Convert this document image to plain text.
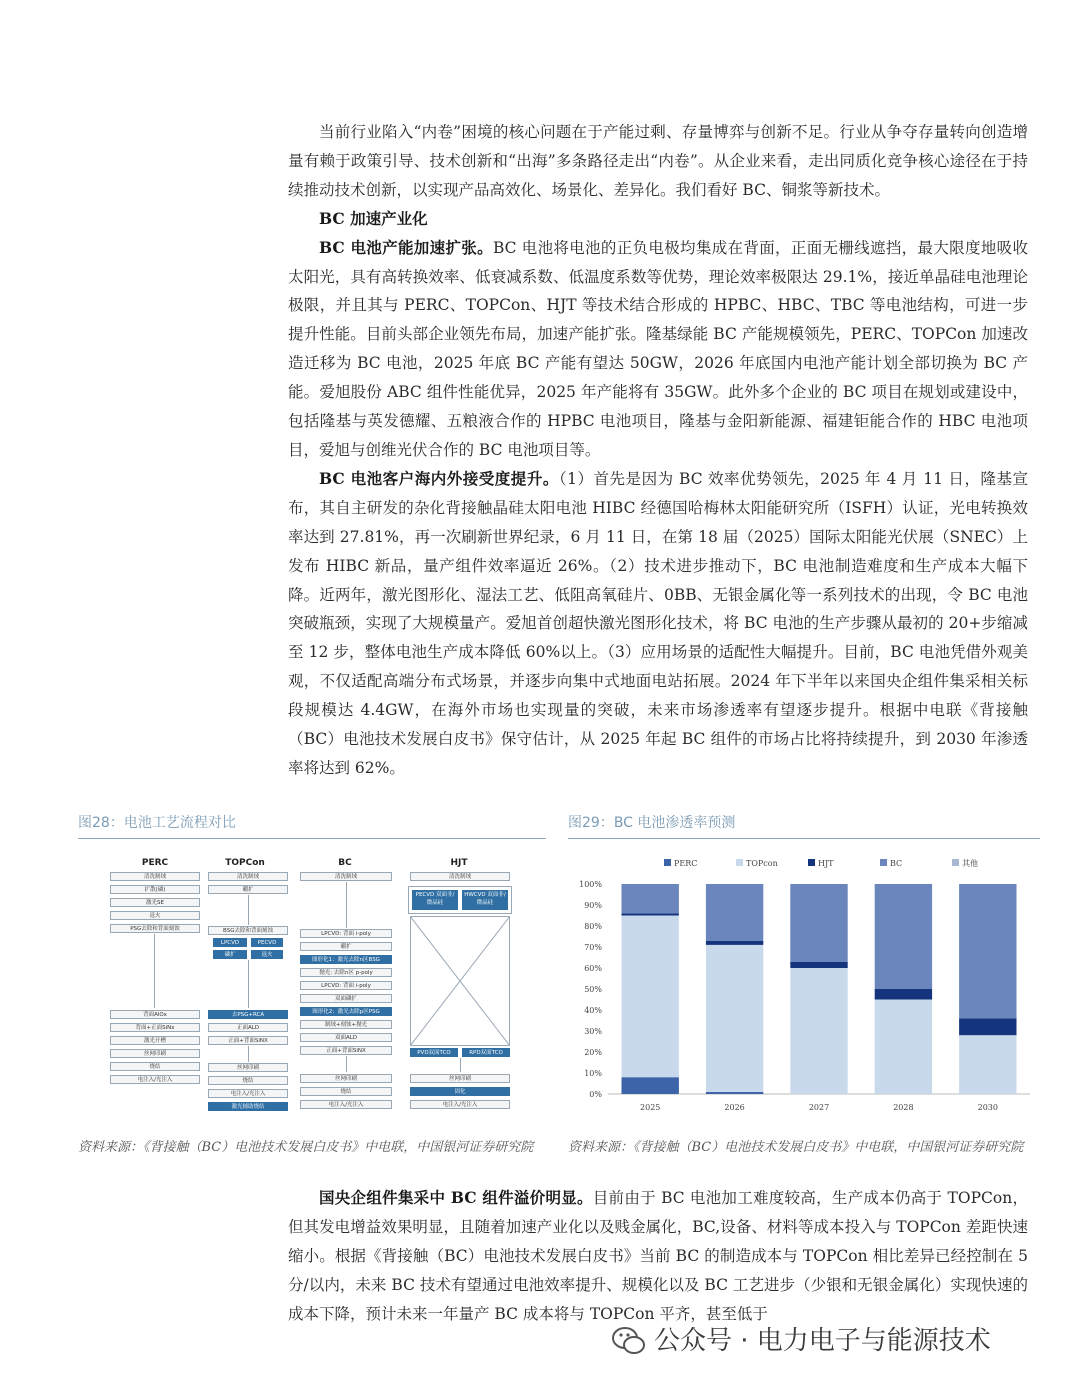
当前行业陷入“内卷”困境的核心问题在于产能过剩、存量博弈与创新不足。行业从争夺存量转向创造增量有赖于政策引导、技术创新和“出海”多条路径走出“内卷”。从企业来看，走出同质化竞争核心途径在于持续推动技术创新，以实现产品高效化、场景化、差异化。我们看好 BC、铜浆等新技术。

BC 加速产业化

BC 电池产能加速扩张。BC 电池将电池的正负电极均集成在背面，正面无栅线遮挡，最大限度地吸收太阳光，具有高转换效率、低衰减系数、低温度系数等优势，理论效率极限达 29.1%，接近单晶硅电池理论极限，并且其与 PERC、TOPCon、HJT 等技术结合形成的 HPBC、HBC、TBC 等电池结构，可进一步提升性能。目前头部企业领先布局，加速产能扩张。隆基绿能 BC 产能规模领先，PERC、TOPCon 加速改造迁移为 BC 电池，2025 年底 BC 产能有望达 50GW，2026 年底国内电池产能计划全部切换为 BC 产能。爱旭股份 ABC 组件性能优异，2025 年产能将有 35GW。此外多个企业的 BC 项目在规划或建设中，包括隆基与英发德耀、五粮液合作的 HPBC 电池项目，隆基与金阳新能源、福建钜能合作的 HBC 电池项目，爱旭与创维光伏合作的 BC 电池项目等。

BC 电池客户海内外接受度提升。（1）首先是因为 BC 效率优势领先，2025 年 4 月 11 日，隆基宣布，其自主研发的杂化背接触晶硅太阳电池 HIBC 经德国哈梅林太阳能研究所（ISFH）认证，光电转换效率达到 27.81%，再一次刷新世界纪录，6 月 11 日，在第 18 届（2025）国际太阳能光伏展（SNEC）上发布 HIBC 新品，量产组件效率逼近 26%。（2）技术进步推动下，BC 电池制造难度和生产成本大幅下降。近两年，激光图形化、湿法工艺、低阻高氧硅片、0BB、无银金属化等一系列技术的出现，令 BC 电池突破瓶颈，实现了大规模量产。爱旭首创超快激光图形化技术，将 BC 电池的生产步骤从最初的 20+步缩减至 12 步，整体电池生产成本降低 60%以上。（3）应用场景的适配性大幅提升。目前，BC 电池凭借外观美观，不仅适配高端分布式场景，并逐步向集中式地面电站拓展。2024 年下半年以来国央企组件集采相关标段规模达 4.4GW，在海外市场也实现量的突破，未来市场渗透率有望逐步提升。根据中电联《背接触（BC）电池技术发展白皮书》保守估计，从 2025 年起 BC 组件的市场占比将持续提升，到 2030 年渗透率将达到 62%。

图28：电池工艺流程对比	图29：BC 电池渗透率预测
PERC	TOPCon	BC	HJT
清洗制绒
扩散(磷)
激光SE
退火
PSG去除和背面刻蚀
背面AlOx
背面+正面SiNx
激光开槽
丝网印刷
烧结
电注入/光注入
清洗制绒
硼扩
BSG去除和背面刻蚀
LPCVD	PECVD
磷扩	退火
去PSG+RCA
正面ALD
正面+背面SiNX
丝网印刷
烧结
电注入/光注入
激光辅助烧结
清洗制绒
LPCVD: 背面 i-poly
硼扩
图形化1：激光去除n区BSG
抛光: 去除n区 p-poly
LPCVD: 背面 i-poly
双面磷扩
图形化2：激光去除p区PSG
制绒+刻蚀+抛光
双面ALD
正面+背面SiNX
丝网印刷
烧结
电注入/光注入
清洗制绒
PECVD 双面非/微晶硅
HWCVD 双面非/微晶硅
PVD双面TCO	RPD双面TCO
丝网印刷
固化
电注入/光注入
PERC	TOPcon	HJT	BC	其他
0%
10%
20%
30%
40%
50%
60%
70%
80%
90%
100%
2025	2026	2027	2028	2030
资料来源：《背接触（BC）电池技术发展白皮书》中电联，中国银河证券研究院	资料来源：《背接触（BC）电池技术发展白皮书》中电联，中国银河证券研究院

国央企组件集采中 BC 组件溢价明显。目前由于 BC 电池加工难度较高，生产成本仍高于 TOPCon，但其发电增益效果明显，且随着加速产业化以及贱金属化，BC,设备、材料等成本投入与 TOPCon 差距快速缩小。根据《背接触（BC）电池技术发展白皮书》当前 BC 的制造成本与 TOPCon 相比差异已经控制在 5 分/以内，未来 BC 技术有望通过电池效率提升、规模化以及 BC 工艺进步（少银和无银金属化）实现快速的成本下降，预计未来一年量产 BC 成本将与 TOPCon 平齐，甚至低于

公众号 · 电力电子与能源技术
